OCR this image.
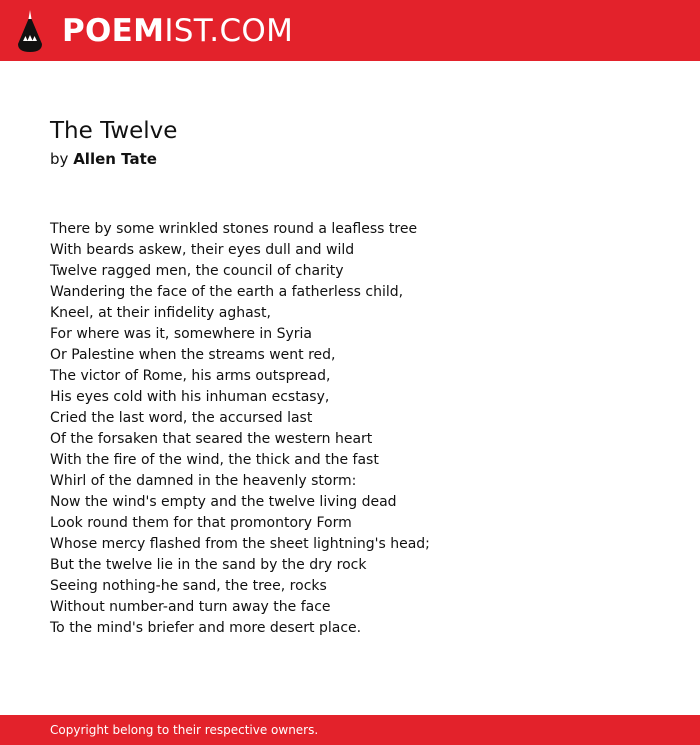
POEMIST.COM
The Twelve
by Allen Tate
There by some wrinkled stones round a leafless tree
With beards askew, their eyes dull and wild
Twelve ragged men, the council of charity
Wandering the face of the earth a fatherless child,
Kneel, at their infidelity aghast,
For where was it, somewhere in Syria
Or Palestine when the streams went red,
The victor of Rome, his arms outspread,
His eyes cold with his inhuman ecstasy,
Cried the last word, the accursed last
Of the forsaken that seared the western heart
With the fire of the wind, the thick and the fast
Whirl of the damned in the heavenly storm:
Now the wind's empty and the twelve living dead
Look round them for that promontory Form
Whose mercy flashed from the sheet lightning's head;
But the twelve lie in the sand by the dry rock
Seeing nothing-he sand, the tree, rocks
Without number-and turn away the face
To the mind's briefer and more desert place.
Copyright belong to their respective owners.
